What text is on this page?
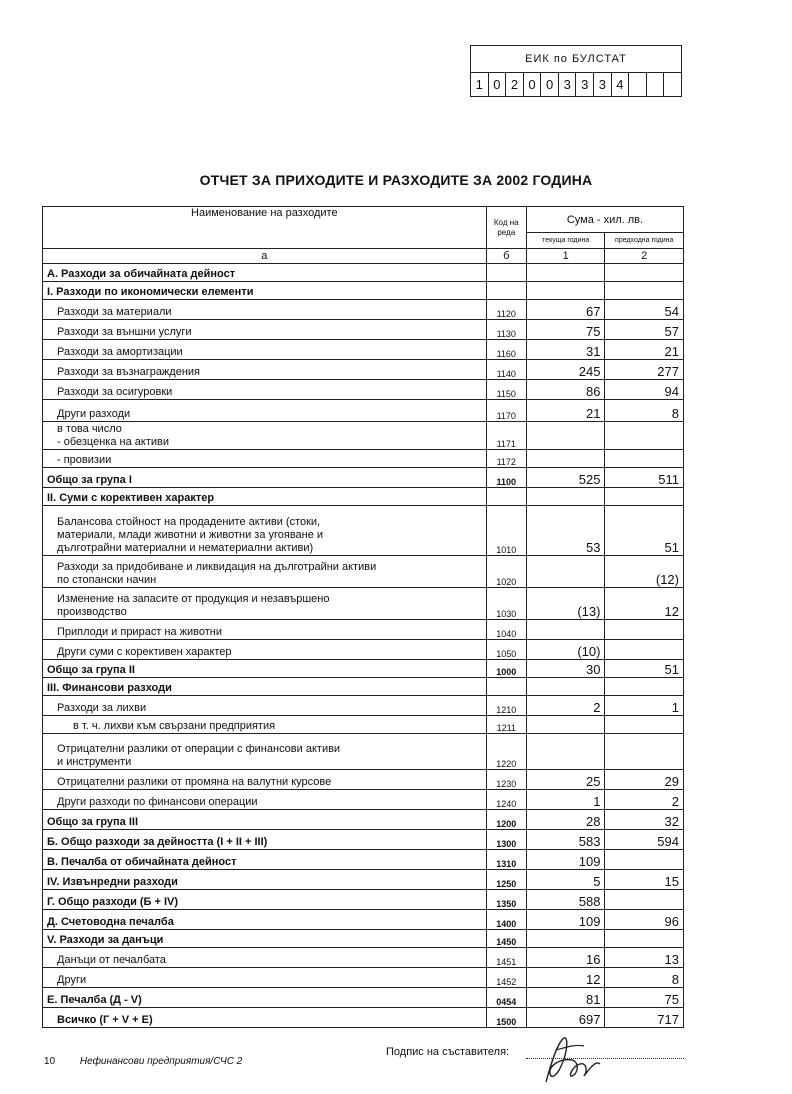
ЕИК по БУЛСТАТ
1 0 2 0 0 3 3 3 4
ОТЧЕТ ЗА ПРИХОДИТЕ И РАЗХОДИТЕ ЗА 2002 ГОДИНА
Наименование на разходите	Код на реда	Сума - хил. лв.	
		текуща година	предходна година
а	б	1	2
А. Разходи за обичайната дейност			
I. Разходи по икономически елементи			
Разходи за материали	1120	67	54
Разходи за външни услуги	1130	75	57
Разходи за амортизации	1160	31	21
Разходи за възнаграждения	1140	245	277
Разходи за осигуровки	1150	86	94
Други разходи	1170	21	8
в това число
- обезценка на активи	1171		
- провизии	1172		
Общо за група I	1100	525	511
II. Суми с корективен характер			
Балансова стойност на продадените активи (стоки,
материали, млади животни и животни за угояване и
дълготрайни материални и нематериални активи)	1010	53	51
Разходи за придобиване и ликвидация на дълготрайни активи
по стопански начин	1020		(12)
Изменение на запасите от продукция и незавършено
производство	1030	(13)	12
Приплоди и прираст на животни	1040		
Други суми с корективен характер	1050	(10)	
Общо за група II	1000	30	51
III. Финансови разходи			
Разходи за лихви	1210	2	1
в т. ч. лихви към свързани предприятия	1211		
Отрицателни разлики от операции с финансови активи
и инструменти	1220		
Отрицателни разлики от промяна на валутни курсове	1230	25	29
Други разходи по финансови операции	1240	1	2
Общо за група III	1200	28	32
Б. Общо разходи за дейността (I + II + III)	1300	583	594
В. Печалба от обичайната дейност	1310	109	
IV. Извънредни разходи	1250	5	15
Г. Общо разходи (Б + IV)	1350	588	
Д. Счетоводна печалба	1400	109	96
V. Разходи за данъци	1450		
Данъци от печалбата	1451	16	13
Други	1452	12	8
Е. Печалба (Д - V)	0454	81	75
Всичко (Г + V + Е)	1500	697	717
10 Нефинансови предприятия/СЧС 2
Подпис на съставителя:
